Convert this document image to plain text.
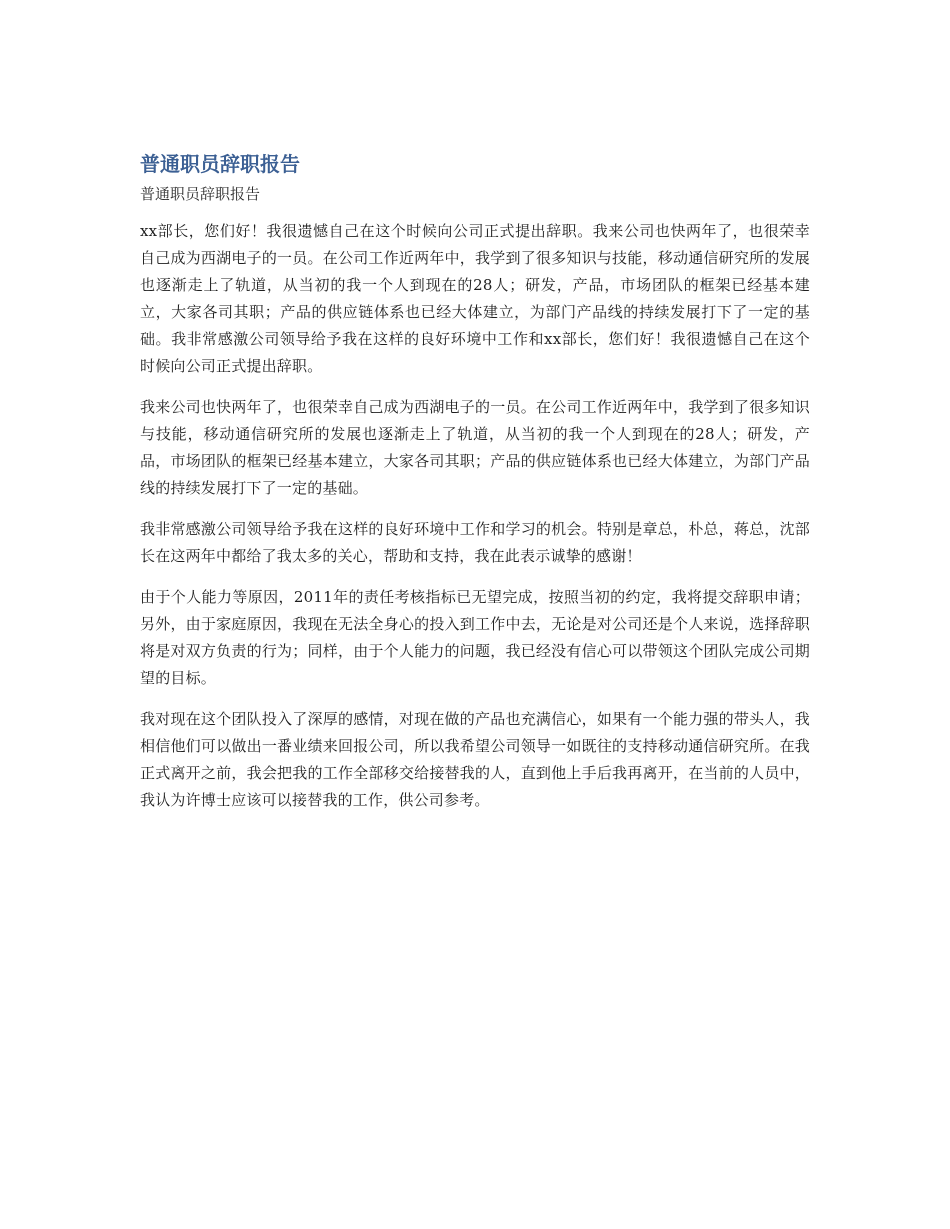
普通职员辞职报告
普通职员辞职报告

xx部长，您们好！我很遗憾自己在这个时候向公司正式提出辞职。我来公司也快两年了，也很荣幸自己成为西湖电子的一员。在公司工作近两年中，我学到了很多知识与技能，移动通信研究所的发展也逐渐走上了轨道，从当初的我一个人到现在的28人；研发，产品，市场团队的框架已经基本建立，大家各司其职；产品的供应链体系也已经大体建立，为部门产品线的持续发展打下了一定的基础。我非常感激公司领导给予我在这样的良好环境中工作和xx部长，您们好！我很遗憾自己在这个时候向公司正式提出辞职。

我来公司也快两年了，也很荣幸自己成为西湖电子的一员。在公司工作近两年中，我学到了很多知识与技能，移动通信研究所的发展也逐渐走上了轨道，从当初的我一个人到现在的28人；研发，产品，市场团队的框架已经基本建立，大家各司其职；产品的供应链体系也已经大体建立，为部门产品线的持续发展打下了一定的基础。

我非常感激公司领导给予我在这样的良好环境中工作和学习的机会。特别是章总，朴总，蒋总，沈部长在这两年中都给了我太多的关心，帮助和支持，我在此表示诚挚的感谢！

由于个人能力等原因，2011年的责任考核指标已无望完成，按照当初的约定，我将提交辞职申请；另外，由于家庭原因，我现在无法全身心的投入到工作中去，无论是对公司还是个人来说，选择辞职将是对双方负责的行为；同样，由于个人能力的问题，我已经没有信心可以带领这个团队完成公司期望的目标。

我对现在这个团队投入了深厚的感情，对现在做的产品也充满信心，如果有一个能力强的带头人，我相信他们可以做出一番业绩来回报公司，所以我希望公司领导一如既往的支持移动通信研究所。在我正式离开之前，我会把我的工作全部移交给接替我的人，直到他上手后我再离开，在当前的人员中，我认为许博士应该可以接替我的工作，供公司参考。
